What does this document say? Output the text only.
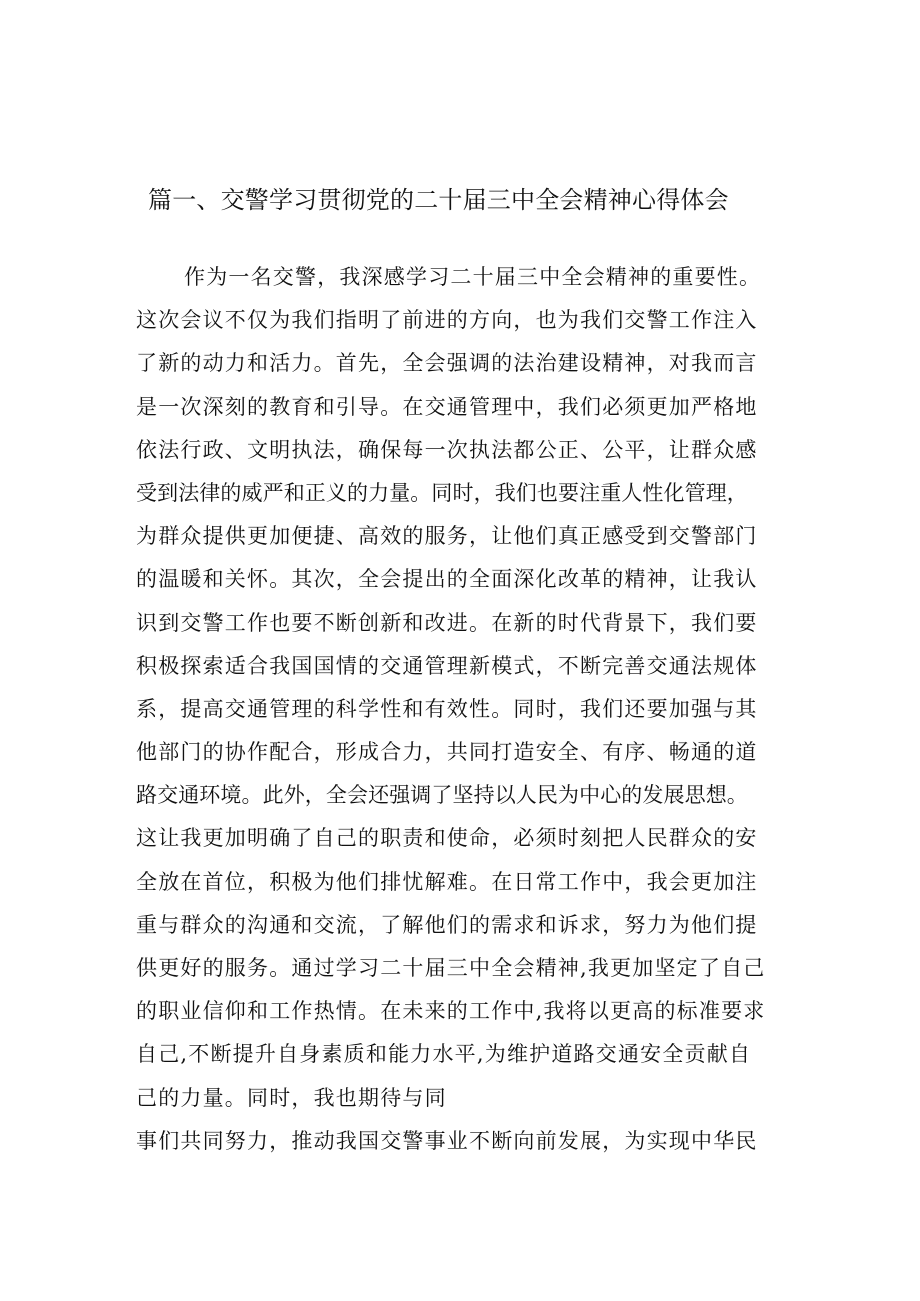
篇一、交警学习贯彻党的二十届三中全会精神心得体会
作为一名交警，我深感学习二十届三中全会精神的重要性。
这次会议不仅为我们指明了前进的方向，也为我们交警工作注入
了新的动力和活力。首先，全会强调的法治建设精神，对我而言
是一次深刻的教育和引导。在交通管理中，我们必须更加严格地
依法行政、文明执法，确保每一次执法都公正、公平，让群众感
受到法律的威严和正义的力量。同时，我们也要注重人性化管理，
为群众提供更加便捷、高效的服务，让他们真正感受到交警部门
的温暖和关怀。其次，全会提出的全面深化改革的精神，让我认
识到交警工作也要不断创新和改进。在新的时代背景下，我们要
积极探索适合我国国情的交通管理新模式，不断完善交通法规体
系，提高交通管理的科学性和有效性。同时，我们还要加强与其
他部门的协作配合，形成合力，共同打造安全、有序、畅通的道
路交通环境。此外，全会还强调了坚持以人民为中心的发展思想。
这让我更加明确了自己的职责和使命，必须时刻把人民群众的安
全放在首位，积极为他们排忧解难。在日常工作中，我会更加注
重与群众的沟通和交流，了解他们的需求和诉求，努力为他们提
供更好的服务。通过学习二十届三中全会精神,我更加坚定了自己
的职业信仰和工作热情。在未来的工作中,我将以更高的标准要求
自己,不断提升自身素质和能力水平,为维护道路交通安全贡献自
己的力量。同时，我也期待与同
事们共同努力，推动我国交警事业不断向前发展，为实现中华民
